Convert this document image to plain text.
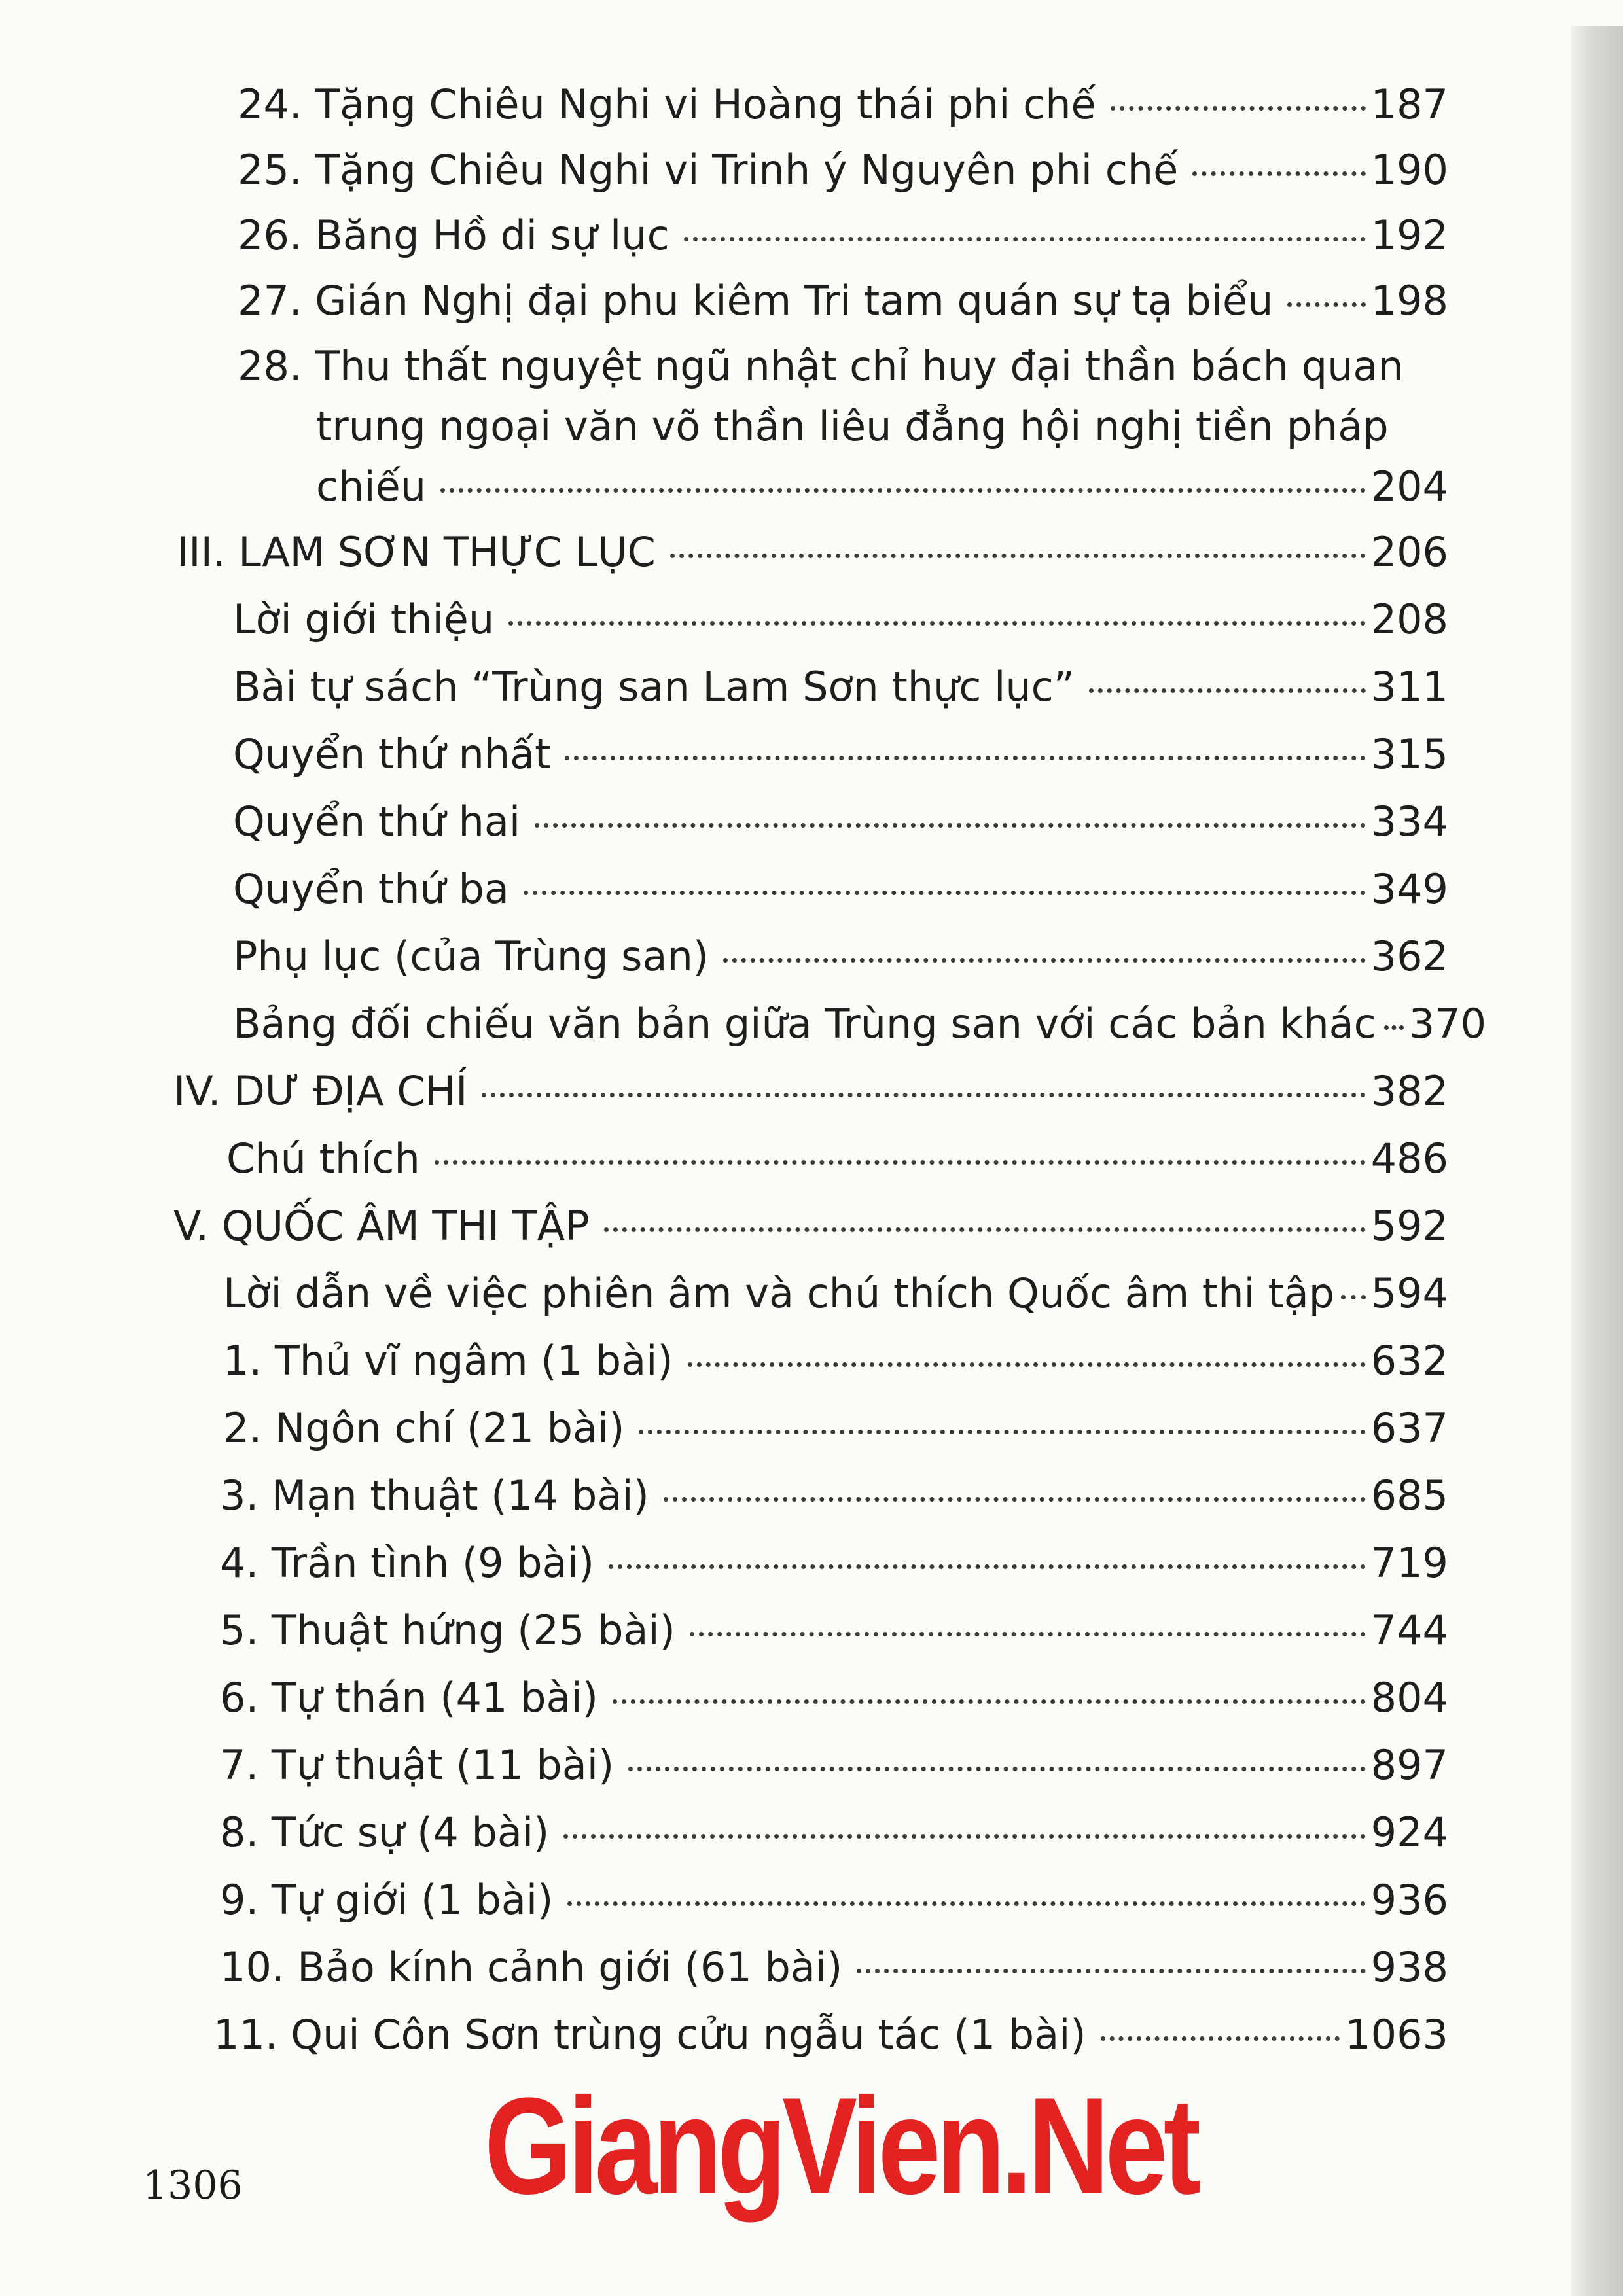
24. Tặng Chiêu Nghi vi Hoàng thái phi chế	187
25. Tặng Chiêu Nghi vi Trinh ý Nguyên phi chế	190
26. Băng Hồ di sự lục	192
27. Gián Nghị đại phu kiêm Tri tam quán sự tạ biểu 198
28. Thu thất nguyệt ngũ nhật chỉ huy đại thần bách quan
trung ngoại văn võ thần liêu đẳng hội nghị tiền pháp
chiếu	204
III. LAM SƠN THỰC LỤC	206
Lời giới thiệu	208
Bài tự sách “Trùng san Lam Sơn thực lục”	311
Quyển thứ nhất	315
Quyển thứ hai	334
Quyển thứ ba	349
Phụ lục (của Trùng san)	362
Bảng đối chiếu văn bản giữa Trùng san với các bản khác 370
IV. DƯ ĐỊA CHÍ	382
Chú thích	486
V. QUỐC ÂM THI TẬP	592
Lời dẫn về việc phiên âm và chú thích Quốc âm thi tập 594
1. Thủ vĩ ngâm (1 bài)	632
2. Ngôn chí (21 bài)	637
3. Mạn thuật (14 bài)	685
4. Trần tình (9 bài)	719
5. Thuật hứng (25 bài)	744
6. Tự thán (41 bài)	804
7. Tự thuật (11 bài)	897
8. Tức sự (4 bài)	924
9. Tự giới (1 bài)	936
10. Bảo kính cảnh giới (61 bài)	938
11. Qui Côn Sơn trùng cửu ngẫu tác (1 bài)	1063
GiangVien.Net
1306
